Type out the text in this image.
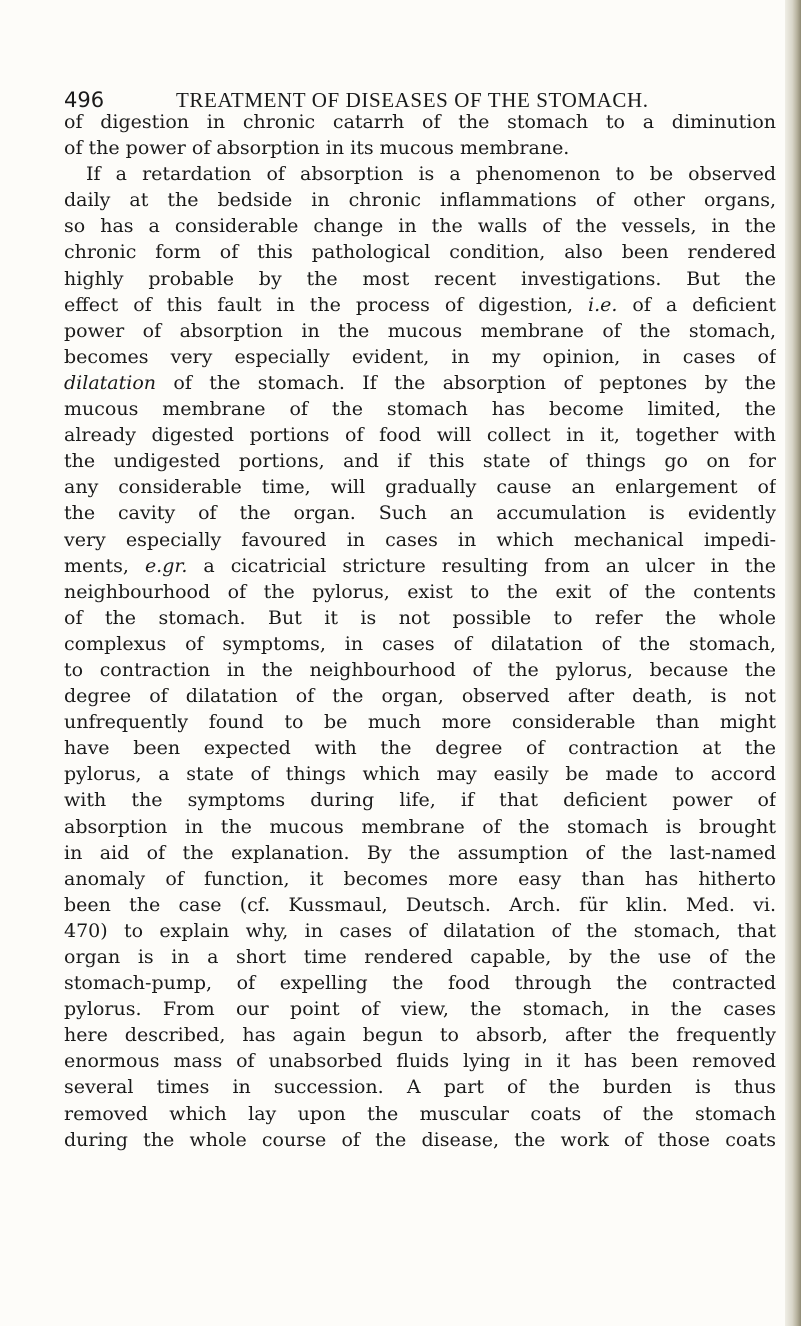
496	TREATMENT OF DISEASES OF THE STOMACH.
of digestion in chronic catarrh of the stomach to a diminution
of the power of absorption in its mucous membrane.
If a retardation of absorption is a phenomenon to be observed
daily at the bedside in chronic inflammations of other organs,
so has a considerable change in the walls of the vessels, in the
chronic form of this pathological condition, also been rendered
highly probable by the most recent investigations. But the
effect of this fault in the process of digestion, i.e. of a deficient
power of absorption in the mucous membrane of the stomach,
becomes very especially evident, in my opinion, in cases of
dilatation of the stomach. If the absorption of peptones by the
mucous membrane of the stomach has become limited, the
already digested portions of food will collect in it, together with
the undigested portions, and if this state of things go on for
any considerable time, will gradually cause an enlargement of
the cavity of the organ. Such an accumulation is evidently
very especially favoured in cases in which mechanical impedi-
ments, e.gr. a cicatricial stricture resulting from an ulcer in the
neighbourhood of the pylorus, exist to the exit of the contents
of the stomach. But it is not possible to refer the whole
complexus of symptoms, in cases of dilatation of the stomach,
to contraction in the neighbourhood of the pylorus, because the
degree of dilatation of the organ, observed after death, is not
unfrequently found to be much more considerable than might
have been expected with the degree of contraction at the
pylorus, a state of things which may easily be made to accord
with the symptoms during life, if that deficient power of
absorption in the mucous membrane of the stomach is brought
in aid of the explanation. By the assumption of the last-named
anomaly of function, it becomes more easy than has hitherto
been the case (cf. Kussmaul, Deutsch. Arch. für klin. Med. vi.
470) to explain why, in cases of dilatation of the stomach, that
organ is in a short time rendered capable, by the use of the
stomach-pump, of expelling the food through the contracted
pylorus. From our point of view, the stomach, in the cases
here described, has again begun to absorb, after the frequently
enormous mass of unabsorbed fluids lying in it has been removed
several times in succession. A part of the burden is thus
removed which lay upon the muscular coats of the stomach
during the whole course of the disease, the work of those coats
